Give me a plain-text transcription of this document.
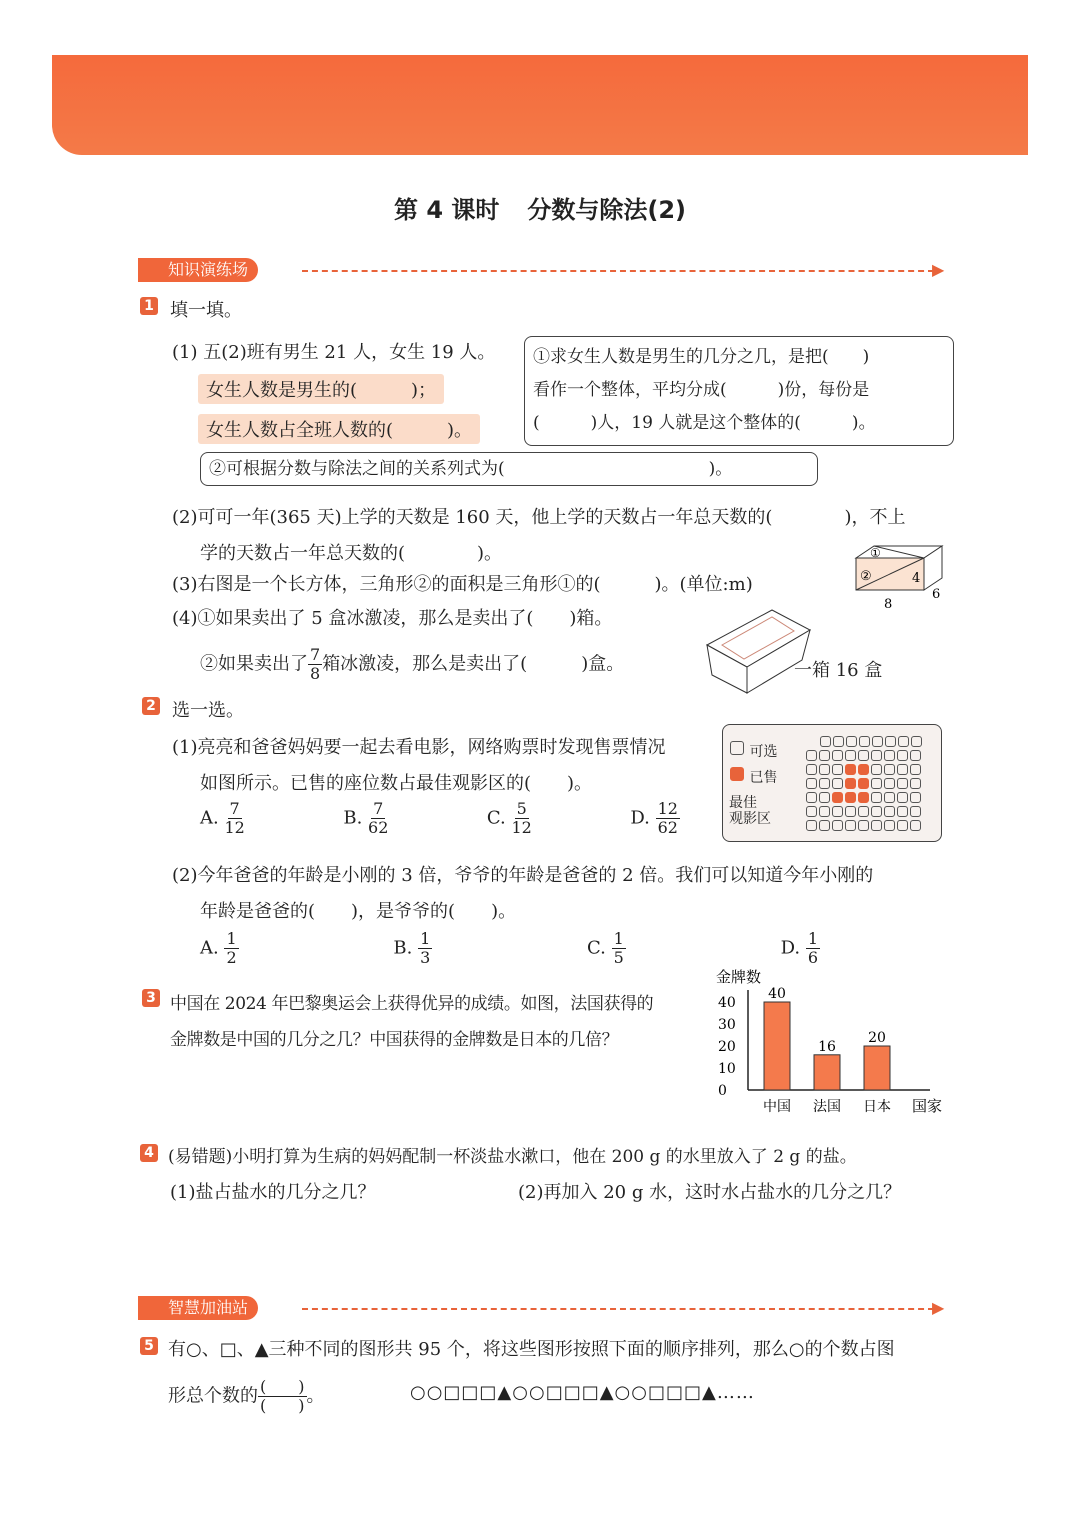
第 4 课时 分数与除法(2)
知识演练场	▶
1 填一填。
(1) 五(2)班有男生 21 人，女生 19 人。
女生人数是男生的(　　　)；
女生人数占全班人数的(　　　)。
①求女生人数是男生的几分之几，是把(　　)
看作一个整体，平均分成(　　　)份，每份是
(　　　)人，19 人就是这个整体的(　　　)。
②可根据分数与除法之间的关系列式为(　　　　　　　　　　　　)。
(2)可可一年(365 天)上学的天数是 160 天，他上学的天数占一年总天数的(　　　　)，不上
学的天数占一年总天数的(　　　　)。
(3)右图是一个长方体，三角形②的面积是三角形①的(　　　)。(单位:m)
①
②	4
8
6
(4)①如果卖出了 5 盒冰激凌，那么是卖出了(　　)箱。
②如果卖出了 $\frac{7}{8}$ 箱冰激凌，那么是卖出了(　　　)盒。	一箱 16 盒
2 选一选。
(1)亮亮和爸爸妈妈要一起去看电影，网络购票时发现售票情况
如图所示。已售的座位数占最佳观影区的(　　)。
A. $\frac{7}{12}$	B. $\frac{7}{62}$	C. $\frac{5}{12}$	D. $\frac{12}{62}$
可选
已售
最佳
观影区
(2)今年爸爸的年龄是小刚的 3 倍，爷爷的年龄是爸爸的 2 倍。我们可以知道今年小刚的
年龄是爸爸的(　　)，是爷爷的(　　)。
A. $\frac{1}{2}$	B. $\frac{1}{3}$	C. $\frac{1}{5}$	D. $\frac{1}{6}$
3 中国在 2024 年巴黎奥运会上获得优异的成绩。如图，法国获得的
金牌数是中国的几分之几？中国获得的金牌数是日本的几倍？
金牌数
国家
0
10
20
30
40
40
中国
16
法国
20
日本
4 (易错题)小明打算为生病的妈妈配制一杯淡盐水漱口，他在 200 g 的水里放入了 2 g 的盐。
(1)盐占盐水的几分之几？	(2)再加入 20 g 水，这时水占盐水的几分之几？
智慧加油站	▶
5 有○、□、▲三种不同的图形共 95 个，将这些图形按照下面的顺序排列，那么○的个数占图
形总个数的 $\frac{( )}{( )}$ 。	○○□□□▲○○□□□▲○○□□□▲……
